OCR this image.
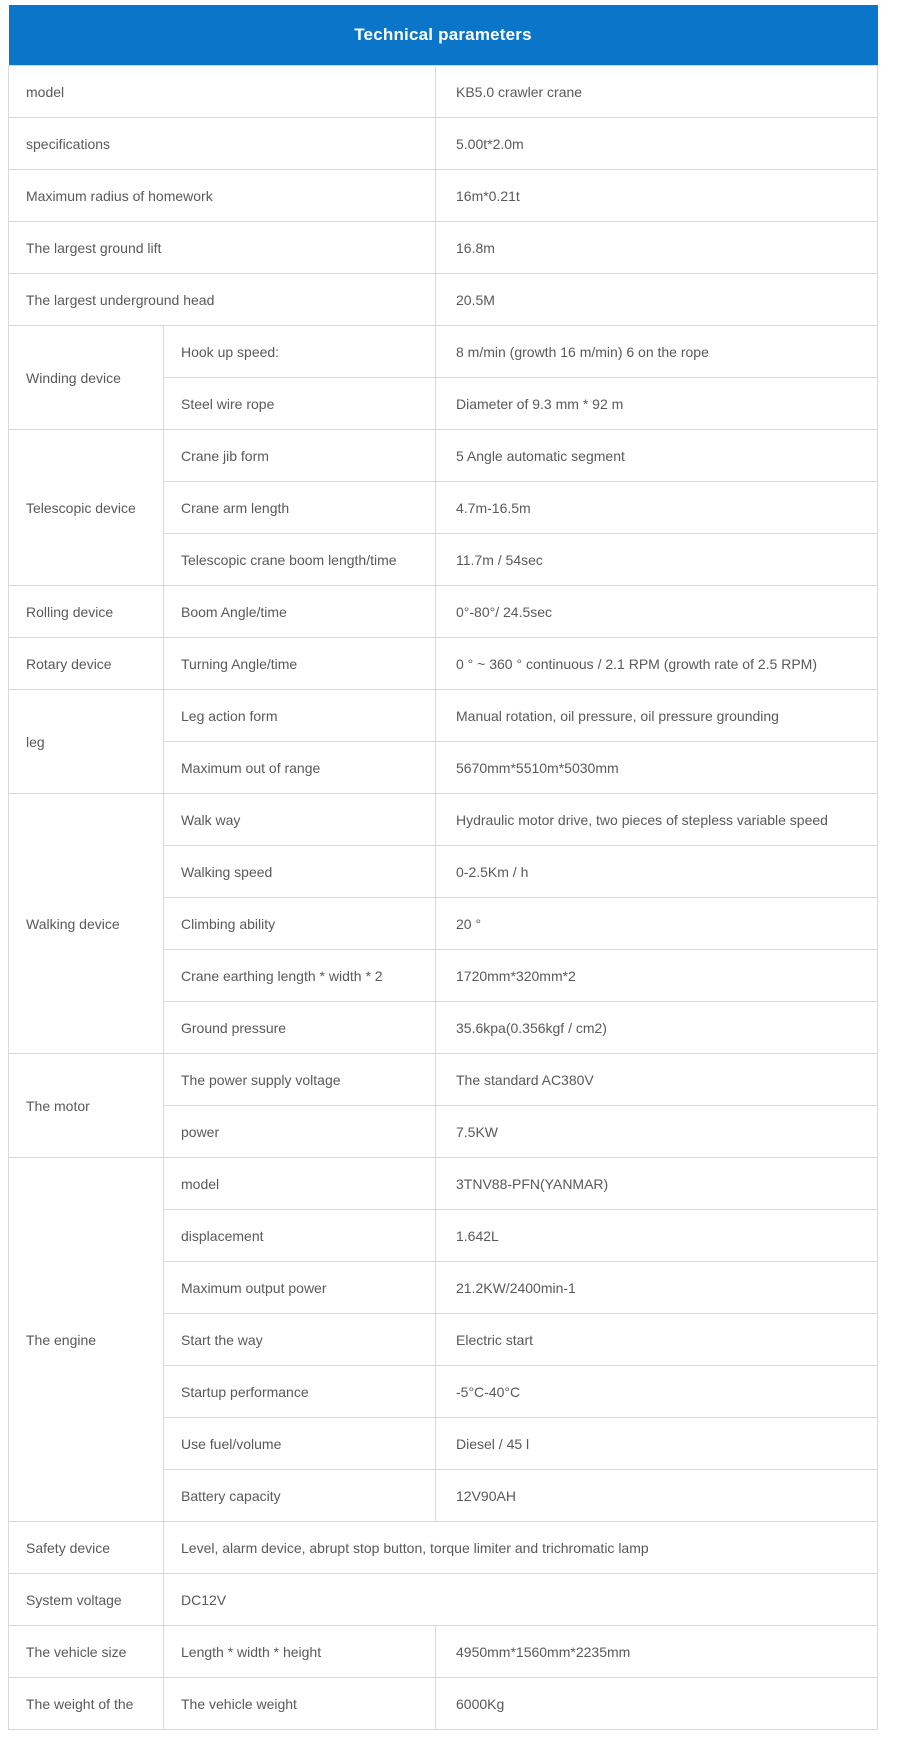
Technical parameters		
model		KB5.0 crawler crane
specifications		5.00t*2.0m
Maximum radius of homework		16m*0.21t
The largest ground lift		16.8m
The largest underground head		20.5M
Winding device	Hook up speed:	8 m/min (growth 16 m/min) 6 on the rope
	Steel wire rope	Diameter of 9.3 mm * 92 m
Telescopic device	Crane jib form	5 Angle automatic segment
	Crane arm length	4.7m-16.5m
	Telescopic crane boom length/time	11.7m / 54sec
Rolling device	Boom Angle/time	0°-80°/ 24.5sec
Rotary device	Turning Angle/time	0 ° ~ 360 ° continuous / 2.1 RPM (growth rate of 2.5 RPM)
leg	Leg action form	Manual rotation, oil pressure, oil pressure grounding
	Maximum out of range	5670mm*5510m*5030mm
Walking device	Walk way	Hydraulic motor drive, two pieces of stepless variable speed
	Walking speed	0-2.5Km / h
	Climbing ability	20 °
	Crane earthing length * width * 2	1720mm*320mm*2
	Ground pressure	35.6kpa(0.356kgf / cm2)
The motor	The power supply voltage	The standard AC380V
	power	7.5KW
The engine	model	3TNV88-PFN(YANMAR)
	displacement	1.642L
	Maximum output power	21.2KW/2400min-1
	Start the way	Electric start
	Startup performance	-5°C-40°C
	Use fuel/volume	Diesel / 45 l
	Battery capacity	12V90AH
Safety device	Level, alarm device, abrupt stop button, torque limiter and trichromatic lamp	
System voltage	DC12V	
The vehicle size	Length * width * height	4950mm*1560mm*2235mm
The weight of the	The vehicle weight	6000Kg
